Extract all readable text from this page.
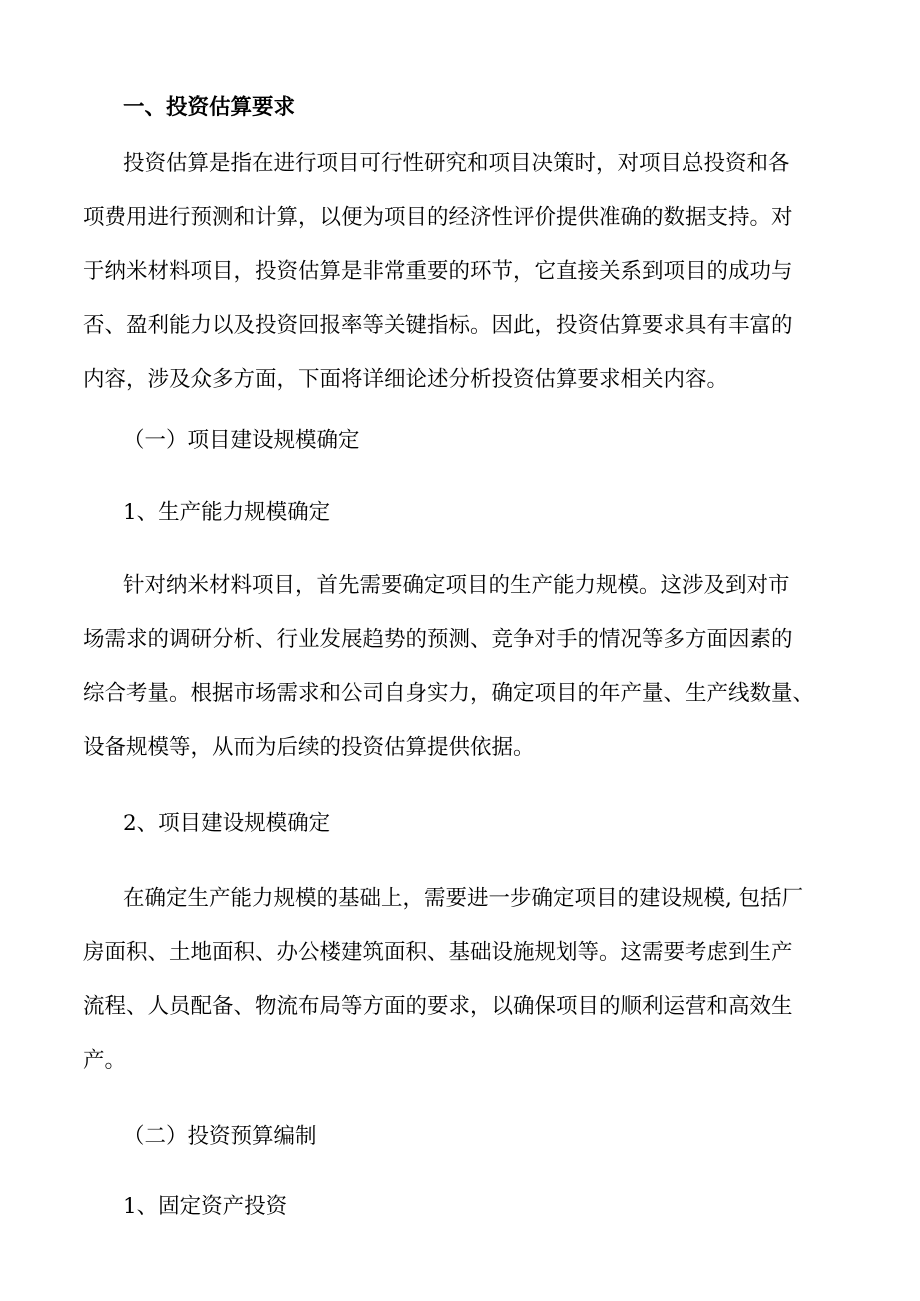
一、投资估算要求
投资估算是指在进行项目可行性研究和项目决策时，对项目总投资和各
项费用进行预测和计算，以便为项目的经济性评价提供准确的数据支持。对
于纳米材料项目，投资估算是非常重要的环节，它直接关系到项目的成功与
否、盈利能力以及投资回报率等关键指标。因此，投资估算要求具有丰富的
内容，涉及众多方面，下面将详细论述分析投资估算要求相关内容。
（一）项目建设规模确定
1、生产能力规模确定
针对纳米材料项目，首先需要确定项目的生产能力规模。这涉及到对市
场需求的调研分析、行业发展趋势的预测、竞争对手的情况等多方面因素的
综合考量。根据市场需求和公司自身实力，确定项目的年产量、生产线数量、
设备规模等，从而为后续的投资估算提供依据。
2、项目建设规模确定
在确定生产能力规模的基础上，需要进一步确定项目的建设规模, 包括厂
房面积、土地面积、办公楼建筑面积、基础设施规划等。这需要考虑到生产
流程、人员配备、物流布局等方面的要求，以确保项目的顺利运营和高效生
产。
（二）投资预算编制
1、固定资产投资
